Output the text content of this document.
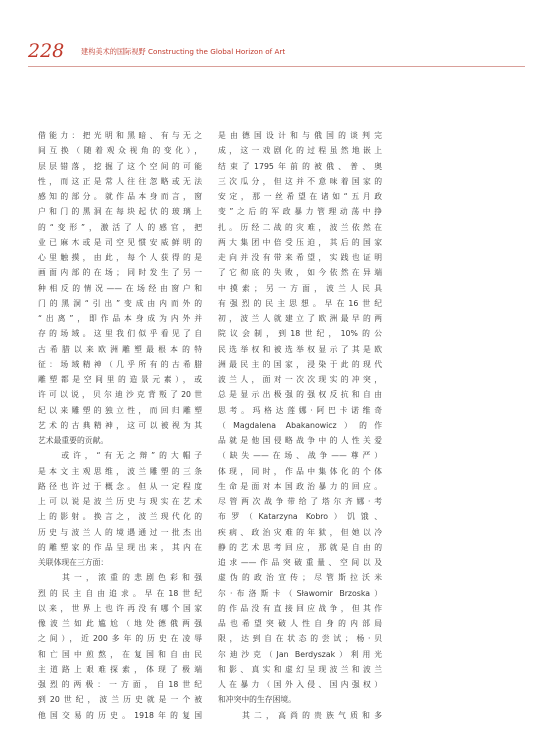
228 建构美术的国际视野 Constructing the Global Horizon of Art
借能力：把光明和黑暗、有与无之
间互换（随着观众视角的变化），
层层错落，挖掘了这个空间的可能
性，而这正是常人往往忽略或无法
感知的部分。就作品本身而言，窗
户和门的黑洞在每块起伏的玻璃上
的“变形”，激活了人的感官，把
业已麻木或是司空见惯安威鲜明的
心里触摸，由此，每个人获得的是
画面内部的在场；同时发生了另一
种相反的情况——在场经由窗户和
门的黑洞“引出”变成由内而外的
“出离”，即作品本身成为内外并
存的场域。这里我们似乎看见了自
古希腊以来欧洲雕塑最根本的特
征：场域精神（几乎所有的古希腊
雕塑都是空间里的造景元素），或
许可以说，贝尔迪沙克背叛了20世
纪以来雕塑的独立性，而回归雕塑
艺术的古典精神，这可以被视为其
艺术最重要的贡献。
　　或许，“有无之辩”的大帽子
是本文主观思维，波兰雕塑的三条
路径也许过于概念。但从一定程度
上可以说是波兰历史与现实在艺术
上的影射。换言之，波兰现代化的
历史与波兰人的境遇通过一批杰出
的雕塑家的作品呈现出来，其内在
关联体现在三方面：
　　其一，浓重的悲剧色彩和强
烈的民主自由追求。早在18世纪
以来，世界上也许再没有哪个国家
像波兰如此尴尬（地处德俄两强
之间），近200多年的历史在凌辱
和亡国中煎熬，在复国和自由民
主道路上艰难探索，体现了极端
强烈的两极：一方面，自18世纪
到20世纪，波兰历史就是一个被
他国交易的历史。1918年的复国
是由德国设计和与俄国的谈判完
成，这一戏剧化的过程虽然地嵌上
结束了1795年前的被俄、普、奥
三次瓜分，但这并不意味着国家的
安定，那一丝希望在诸如“五月政
变”之后的军政暴力管理动荡中挣
扎。历经二战的灾难，波兰依然在
两大集团中倍受压迫，其后的国家
走向并没有带来希望，实践也证明
了它彻底的失败，如今依然在异端
中摸索；另一方面，波兰人民具
有强烈的民主思想。早在16世纪
初，波兰人就建立了欧洲最早的两
院议会制，到18世纪，10%的公
民选举权和被选举权显示了其是欧
洲最民主的国家，浸染于此的现代
波兰人，面对一次次现实的冲突，
总是显示出极强的强权反抗和自由
思考。玛格达莲娜·阿巴卡诺维奇
（Magdalena Abakanowicz）的作
品就是他国侵略战争中的人性关爱
（缺失——在场、战争——尊严）
体现，同时，作品中集体化的个体
生命是面对本国政治暴力的回应。
尽管两次战争带给了塔尔齐娜·考
布罗（Katarzyna Kobro）饥饿、
疾病、政治灾难的年狱，但她以冷
静的艺术思考回应，那就是自由的
追求——作品突破重量、空间以及
虚伪的政治宣传；尽管斯拉沃米
尔·布洛斯卡（Sławomir Brzoska）
的作品没有直接回应战争，但其作
品也希望突破人性自身的内部局
限，达到自在状态的尝试；杨·贝
尔迪沙克（Jan Berdyszak）利用光
和影、真实和虚幻呈现波兰和波兰
人在暴力（国外入侵、国内强权）
和冲突中的生存困境。
　　其二，高尚的贵族气质和多
